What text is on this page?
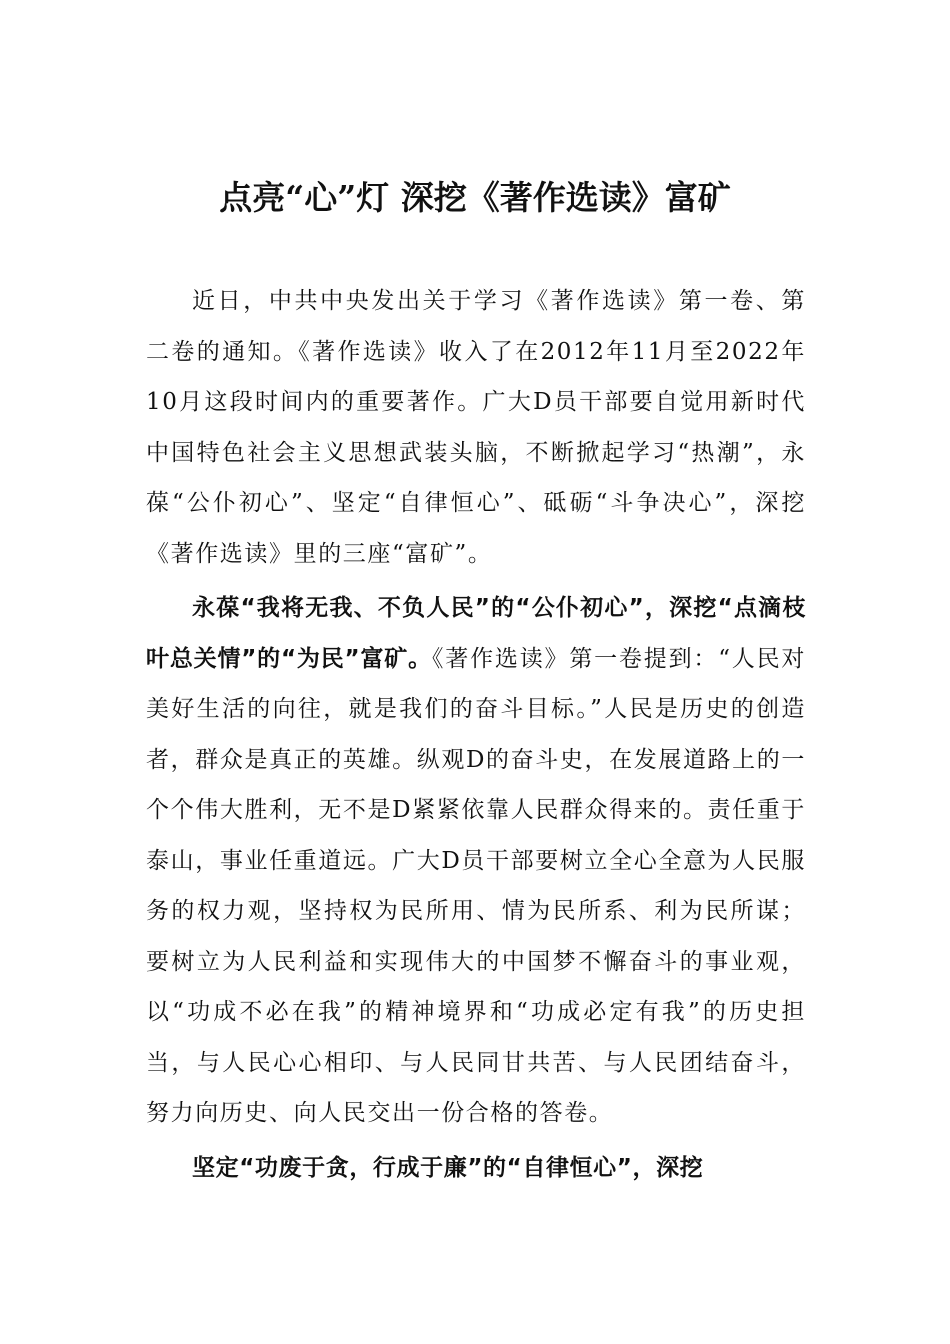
点亮“心”灯 深挖《著作选读》富矿

近日，中共中央发出关于学习《著作选读》第一卷、第二卷的通知。《著作选读》收入了在2012年11月至2022年10月这段时间内的重要著作。广大D员干部要自觉用新时代中国特色社会主义思想武装头脑，不断掀起学习“热潮”，永葆“公仆初心”、坚定“自律恒心”、砥砺“斗争决心”，深挖《著作选读》里的三座“富矿”。

永葆“我将无我、不负人民”的“公仆初心”，深挖“点滴枝叶总关情”的“为民”富矿。《著作选读》第一卷提到：“人民对美好生活的向往，就是我们的奋斗目标。”人民是历史的创造者，群众是真正的英雄。纵观D的奋斗史，在发展道路上的一个个伟大胜利，无不是D紧紧依靠人民群众得来的。责任重于泰山，事业任重道远。广大D员干部要树立全心全意为人民服务的权力观，坚持权为民所用、情为民所系、利为民所谋；要树立为人民利益和实现伟大的中国梦不懈奋斗的事业观，以“功成不必在我”的精神境界和“功成必定有我”的历史担当，与人民心心相印、与人民同甘共苦、与人民团结奋斗，努力向历史、向人民交出一份合格的答卷。

坚定“功废于贪，行成于廉”的“自律恒心”，深挖
